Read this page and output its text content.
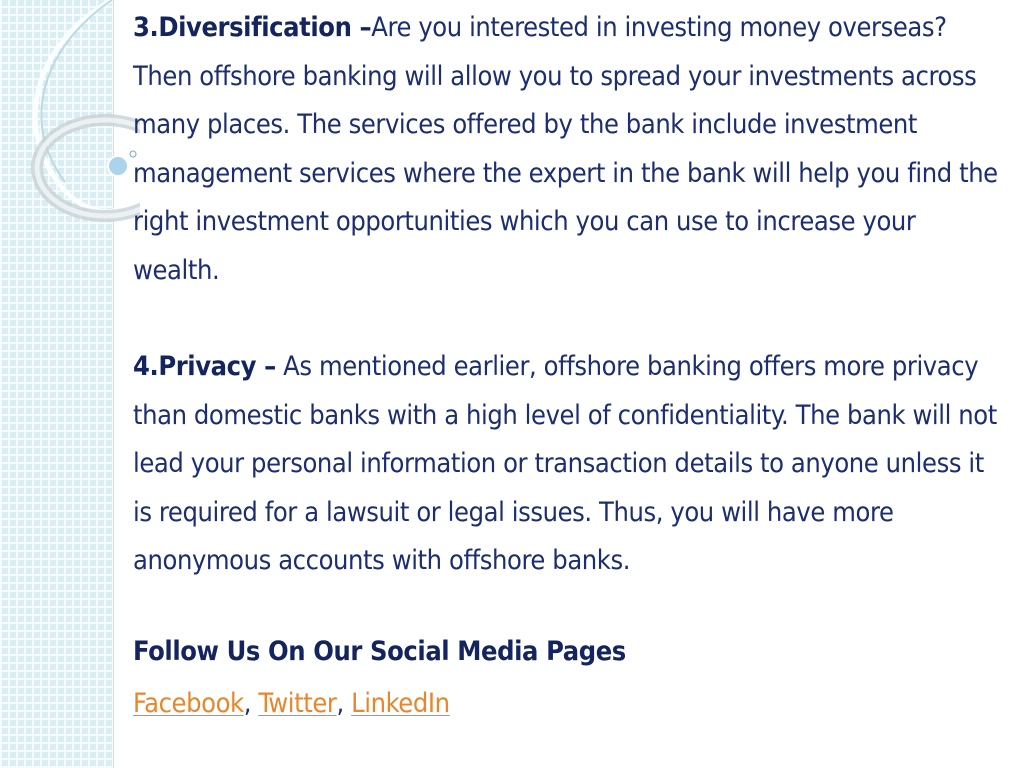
3.Diversification –Are you interested in investing money overseas? Then offshore banking will allow you to spread your investments across many places. The services offered by the bank include investment management services where the expert in the bank will help you find the right investment opportunities which you can use to increase your wealth.

4.Privacy – As mentioned earlier, offshore banking offers more privacy than domestic banks with a high level of confidentiality. The bank will not lead your personal information or transaction details to anyone unless it is required for a lawsuit or legal issues. Thus, you will have more anonymous accounts with offshore banks.

Follow Us On Our Social Media Pages
Facebook, Twitter, LinkedIn
